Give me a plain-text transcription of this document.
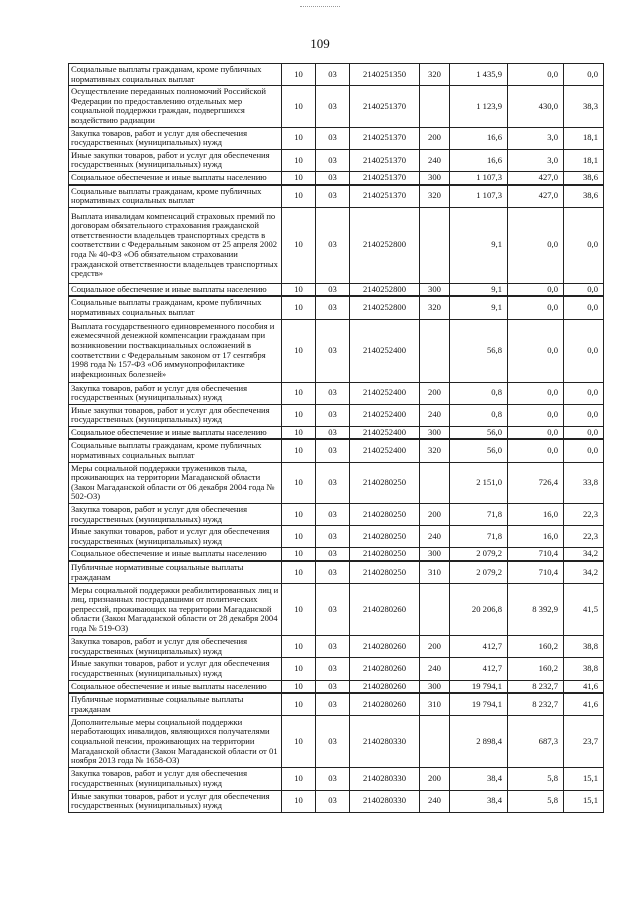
109
Социальные выплаты гражданам, кроме публичных нормативных социальных выплат	10	03	2140251350	320	1 435,9	0,0	0,0
Осуществление переданных полномочий Российской Федерации по предоставлению отдельных мер социальной поддержки граждан, подвергшихся воздействию радиации	10	03	2140251370		1 123,9	430,0	38,3
Закупка товаров, работ и услуг для обеспечения государственных (муниципальных) нужд	10	03	2140251370	200	16,6	3,0	18,1
Иные закупки товаров, работ и услуг для обеспечения государственных (муниципальных) нужд	10	03	2140251370	240	16,6	3,0	18,1
Социальное обеспечение и иные выплаты населению	10	03	2140251370	300	1 107,3	427,0	38,6
Социальные выплаты гражданам, кроме публичных нормативных социальных выплат	10	03	2140251370	320	1 107,3	427,0	38,6
Выплата инвалидам компенсаций страховых премий по договорам обязательного страхования гражданской ответственности владельцев транспортных средств в соответствии с Федеральным законом от 25 апреля 2002 года № 40-ФЗ «Об обязательном страховании гражданской ответственности владельцев транспортных средств»	10	03	2140252800		9,1	0,0	0,0
Социальное обеспечение и иные выплаты населению	10	03	2140252800	300	9,1	0,0	0,0
Социальные выплаты гражданам, кроме публичных нормативных социальных выплат	10	03	2140252800	320	9,1	0,0	0,0
Выплата государственного единовременного пособия и ежемесячной денежной компенсации гражданам при возникновении поствакцинальных осложнений в соответствии с Федеральным законом от 17 сентября 1998 года № 157-ФЗ «Об иммунопрофилактике инфекционных болезней»	10	03	2140252400		56,8	0,0	0,0
Закупка товаров, работ и услуг для обеспечения государственных (муниципальных) нужд	10	03	2140252400	200	0,8	0,0	0,0
Иные закупки товаров, работ и услуг для обеспечения государственных (муниципальных) нужд	10	03	2140252400	240	0,8	0,0	0,0
Социальное обеспечение и иные выплаты населению	10	03	2140252400	300	56,0	0,0	0,0
Социальные выплаты гражданам, кроме публичных нормативных социальных выплат	10	03	2140252400	320	56,0	0,0	0,0
Меры социальной поддержки тружеников тыла, проживающих на территории Магаданской области (Закон Магаданской области от 06 декабря 2004 года № 502-ОЗ)	10	03	2140280250		2 151,0	726,4	33,8
Закупка товаров, работ и услуг для обеспечения государственных (муниципальных) нужд	10	03	2140280250	200	71,8	16,0	22,3
Иные закупки товаров, работ и услуг для обеспечения государственных (муниципальных) нужд	10	03	2140280250	240	71,8	16,0	22,3
Социальное обеспечение и иные выплаты населению	10	03	2140280250	300	2 079,2	710,4	34,2
Публичные нормативные социальные выплаты гражданам	10	03	2140280250	310	2 079,2	710,4	34,2
Меры социальной поддержки реабилитированных лиц и лиц, признанных пострадавшими от политических репрессий, проживающих на территории Магаданской области (Закон Магаданской области от 28 декабря 2004 года № 519-ОЗ)	10	03	2140280260		20 206,8	8 392,9	41,5
Закупка товаров, работ и услуг для обеспечения государственных (муниципальных) нужд	10	03	2140280260	200	412,7	160,2	38,8
Иные закупки товаров, работ и услуг для обеспечения государственных (муниципальных) нужд	10	03	2140280260	240	412,7	160,2	38,8
Социальное обеспечение и иные выплаты населению	10	03	2140280260	300	19 794,1	8 232,7	41,6
Публичные нормативные социальные выплаты гражданам	10	03	2140280260	310	19 794,1	8 232,7	41,6
Дополнительные меры социальной поддержки неработающих инвалидов, являющихся получателями социальной пенсии, проживающих на территории Магаданской области (Закон Магаданской области от 01 ноября 2013 года № 1658-ОЗ)	10	03	2140280330		2 898,4	687,3	23,7
Закупка товаров, работ и услуг для обеспечения государственных (муниципальных) нужд	10	03	2140280330	200	38,4	5,8	15,1
Иные закупки товаров, работ и услуг для обеспечения государственных (муниципальных) нужд	10	03	2140280330	240	38,4	5,8	15,1
